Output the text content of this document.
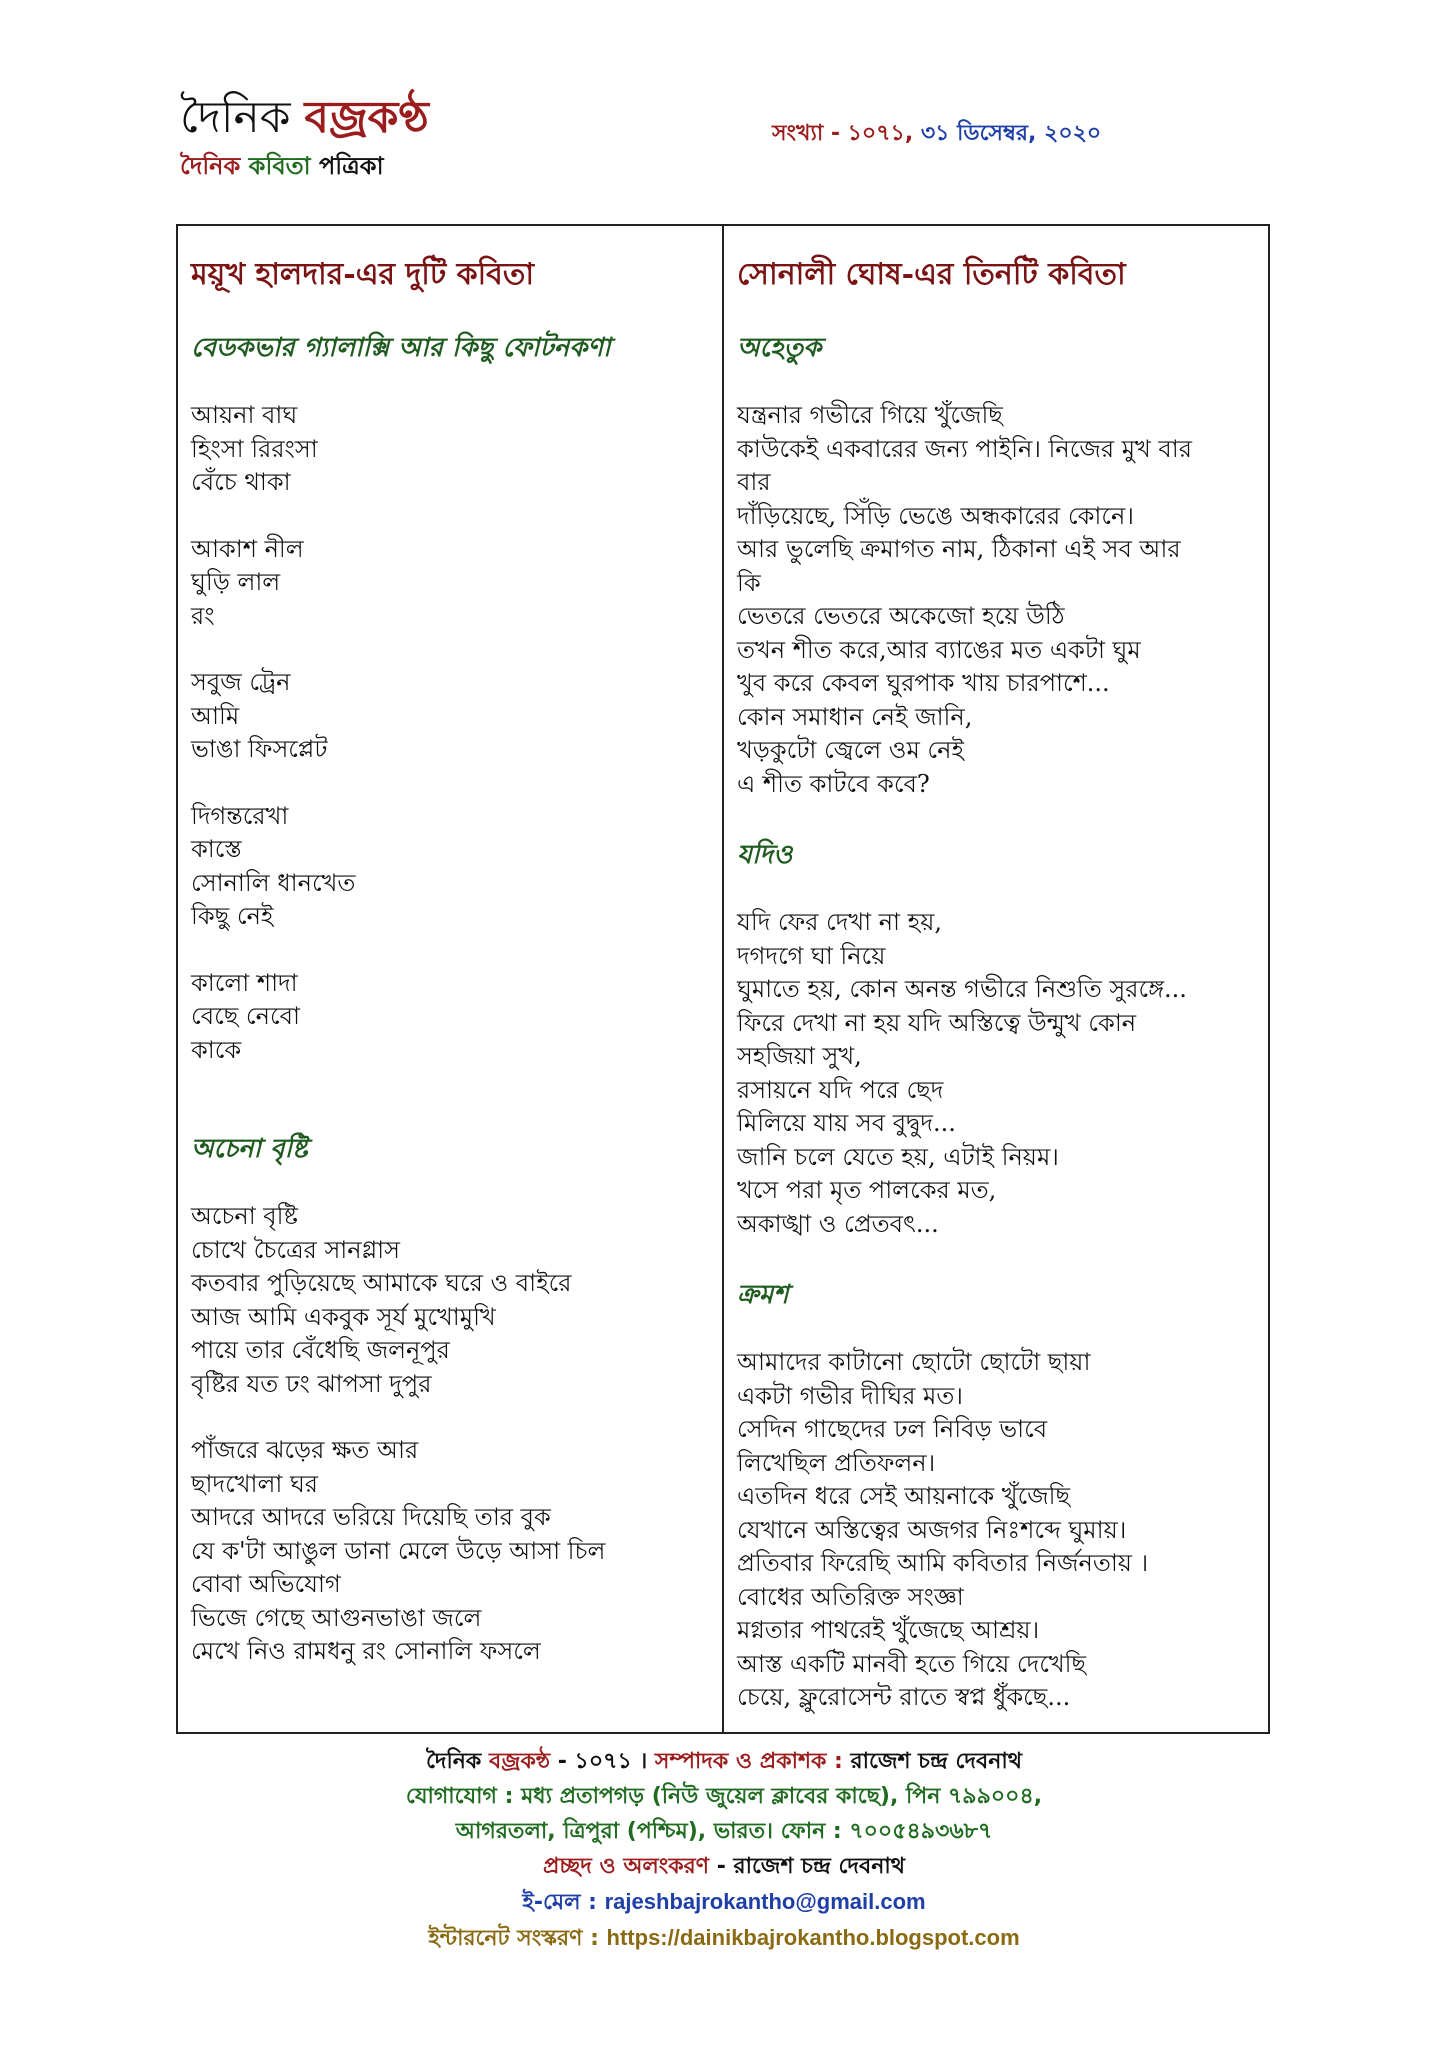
দৈনিক বজ্রকণ্ঠ
দৈনিক কবিতা পত্রিকা
সংখ্যা - ১০৭১, ৩১ ডিসেম্বর, ২০২০
ময়ূখ হালদার-এর দুটি কবিতা
বেডকভার গ্যালাক্সি আর কিছু ফোটনকণা
আয়না বাঘ
হিংসা রিরংসা
বেঁচে থাকা
আকাশ নীল
ঘুড়ি লাল
রং
সবুজ ট্রেন
আমি
ভাঙা ফিসপ্লেট
দিগন্তরেখা
কাস্তে
সোনালি ধানখেত
কিছু নেই
কালো শাদা
বেছে নেবো
কাকে
অচেনা বৃষ্টি
অচেনা বৃষ্টি
চোখে চৈত্রের সানগ্লাস
কতবার পুড়িয়েছে আমাকে ঘরে ও বাইরে
আজ আমি একবুক সূর্য মুখোমুখি
পায়ে তার বেঁধেছি জলনূপুর
বৃষ্টির যত ঢং ঝাপসা দুপুর
পাঁজরে ঝড়ের ক্ষত আর
ছাদখোলা ঘর
আদরে আদরে ভরিয়ে দিয়েছি তার বুক
যে ক'টা আঙুল ডানা মেলে উড়ে আসা চিল
বোবা অভিযোগ
ভিজে গেছে আগুনভাঙা জলে
মেখে নিও রামধনু রং সোনালি ফসলে
সোনালী ঘোষ-এর তিনটি কবিতা
অহেতুক
যন্ত্রনার গভীরে গিয়ে খুঁজেছি
কাউকেই একবারের জন্য পাইনি। নিজের মুখ বার
বার
দাঁড়িয়েছে, সিঁড়ি ভেঙে অন্ধকারের কোনে।
আর ভুলেছি ক্রমাগত নাম, ঠিকানা এই সব আর
কি
ভেতরে ভেতরে অকেজো হয়ে উঠি
তখন শীত করে,আর ব্যাঙের মত একটা ঘুম
খুব করে কেবল ঘুরপাক খায় চারপাশে...
কোন সমাধান নেই জানি,
খড়কুটো জ্বেলে ওম নেই
এ শীত কাটবে কবে?
যদিও
যদি ফের দেখা না হয়,
দগদগে ঘা নিয়ে
ঘুমাতে হয়, কোন অনন্ত গভীরে নিশুতি সুরঙ্গে...
ফিরে দেখা না হয় যদি অস্তিত্বে উন্মুখ কোন
সহজিয়া সুখ,
রসায়নে যদি পরে ছেদ
মিলিয়ে যায় সব বুদ্বুদ...
জানি চলে যেতে হয়, এটাই নিয়ম।
খসে পরা মৃত পালকের মত,
অকাঙ্খা ও প্রেতবৎ...
ক্রমশ
আমাদের কাটানো ছোটো ছোটো ছায়া
একটা গভীর দীঘির মত।
সেদিন গাছেদের ঢল নিবিড় ভাবে
লিখেছিল প্রতিফলন।
এতদিন ধরে সেই আয়নাকে খুঁজেছি
যেখানে অস্তিত্বের অজগর নিঃশব্দে ঘুমায়।
প্রতিবার ফিরেছি আমি কবিতার নির্জনতায় ।
বোধের অতিরিক্ত সংজ্ঞা
মগ্নতার পাথরেই খুঁজেছে আশ্রয়।
আস্ত একটি মানবী হতে গিয়ে দেখেছি
চেয়ে, ফ্লুরোসেন্ট রাতে স্বপ্ন ধুঁকছে...
দৈনিক বজ্রকন্ঠ - ১০৭১ । সম্পাদক ও প্রকাশক : রাজেশ চন্দ্র দেবনাথ
যোগাযোগ : মধ্য প্রতাপগড় (নিউ জুয়েল ক্লাবের কাছে), পিন ৭৯৯০০৪,
আগরতলা, ত্রিপুরা (পশ্চিম), ভারত। ফোন : ৭০০৫৪৯৩৬৮৭
প্রচ্ছদ ও অলংকরণ - রাজেশ চন্দ্র দেবনাথ
ই-মেল : rajeshbajrokantho@gmail.com
ইন্টারনেট সংস্করণ : https://dainikbajrokantho.blogspot.com
